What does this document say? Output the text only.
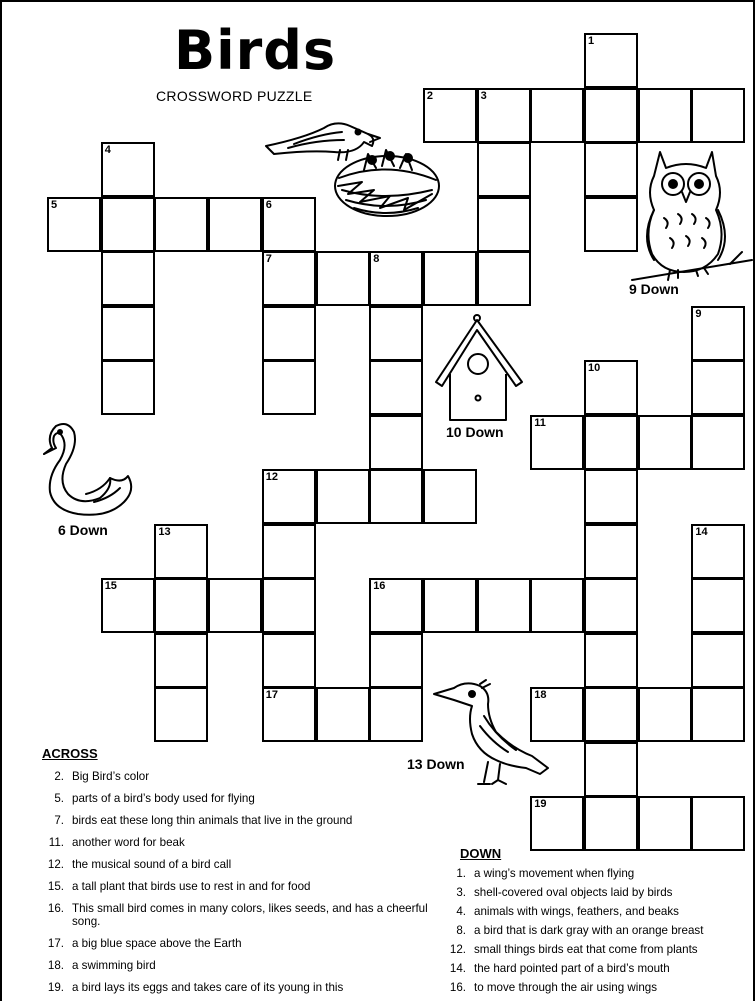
Birds
CROSSWORD PUZZLE
9 Down
10 Down
6 Down
13 Down
1
2	3
4
5	6
7	8
9
10
11
12
13	14
15	16
17	18
19
ACROSS
2. Big Bird’s color
5. parts of a bird’s body used for flying
7. birds eat these long thin animals that live in the ground
11. another word for beak
12. the musical sound of a bird call
15. a tall plant that birds use to rest in and for food
16. This small bird comes in many colors, likes seeds, and has a cheerful song.
17. a big blue space above the Earth
18. a swimming bird
19. a bird lays its eggs and takes care of its young in this
DOWN
1. a wing’s movement when flying
3. shell-covered oval objects laid by birds
4. animals with wings, feathers, and beaks
8. a bird that is dark gray with an orange breast
12. small things birds eat that come from plants
14. the hard pointed part of a bird’s mouth
16. to move through the air using wings
